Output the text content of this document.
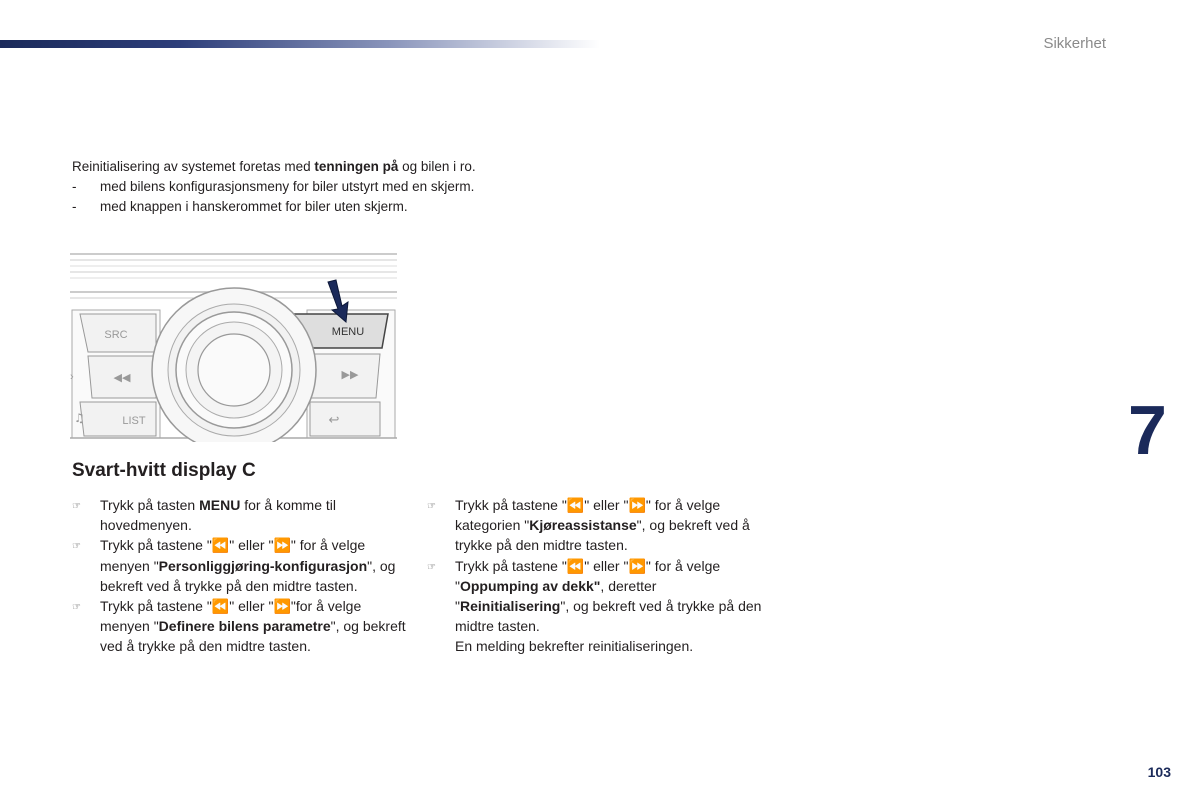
Sikkerhet

Reinitialisering av systemet foretas med tenningen på og bilen i ro.

-	med bilens konfigurasjonsmeny for biler utstyrt med en skjerm.
-	med knappen i hanskerommet for biler uten skjerm.
SRC
◀◀
LIST
♫
›
MENU
▶▶
↩
Svart-hvitt display C
☞	Trykk på tasten MENU for å komme til hovedmenyen.
☞	Trykk på tastene "⏪" eller "⏩" for å velge menyen "Personliggjøring-konfigurasjon", og bekreft ved å trykke på den midtre tasten.
☞	Trykk på tastene "⏪" eller "⏩"for å velge menyen "Definere bilens parametre", og bekreft ved å trykke på den midtre tasten.
☞	Trykk på tastene "⏪" eller "⏩" for å velge kategorien "Kjøreassistanse", og bekreft ved å trykke på den midtre tasten.
☞	Trykk på tastene "⏪" eller "⏩" for å velge "Oppumping av dekk", deretter "Reinitialisering", og bekreft ved å trykke på den midtre tasten.
En melding bekrefter reinitialiseringen.
7
103
